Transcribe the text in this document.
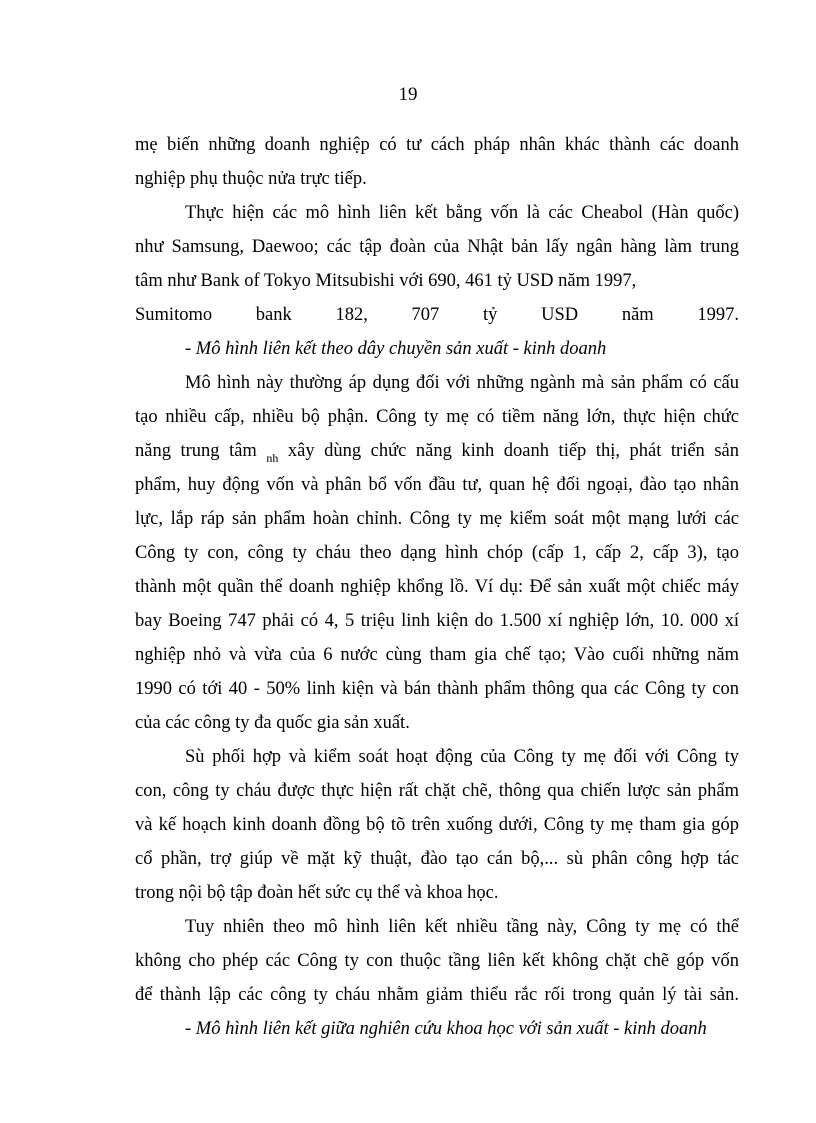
19
mẹ biến những doanh nghiệp có tư cách pháp nhân khác thành các doanh
nghiệp phụ thuộc nửa trực tiếp.
Thực hiện các mô hình liên kết bằng vốn là các Cheabol (Hàn quốc)
như Samsung, Daewoo; các tập đoàn của Nhật bản lấy ngân hàng làm trung
tâm như Bank of Tokyo Mitsubishi với 690, 461 tỷ USD năm 1997,
Sumitomo bank 182, 707 tỷ USD năm 1997.
- Mô hình liên kết theo dây chuyền sản xuất - kinh doanh
Mô hình này thường áp dụng đối với những ngành mà sản phẩm có cấu
tạo nhiều cấp, nhiều bộ phận. Công ty mẹ có tiềm năng lớn, thực hiện chức
năng trung tâm $_{nh}$ xây dùng chức năng kinh doanh tiếp thị, phát triển sản
phẩm, huy động vốn và phân bổ vốn đầu tư, quan hệ đối ngoại, đào tạo nhân
lực, lắp ráp sản phẩm hoàn chỉnh. Công ty mẹ kiểm soát một mạng lưới các
Công ty con, công ty cháu theo dạng hình chóp (cấp 1, cấp 2, cấp 3), tạo
thành một quần thể doanh nghiệp khổng lồ. Ví dụ: Để sản xuất một chiếc máy
bay Boeing 747 phải có 4, 5 triệu linh kiện do 1.500 xí nghiệp lớn, 10. 000 xí
nghiệp nhỏ và vừa của 6 nước cùng tham gia chế tạo; Vào cuối những năm
1990 có tới 40 - 50% linh kiện và bán thành phẩm thông qua các Công ty con
của các công ty đa quốc gia sản xuất.
Sù phối hợp và kiểm soát hoạt động của Công ty mẹ đối với Công ty
con, công ty cháu được thực hiện rất chặt chẽ, thông qua chiến lược sản phẩm
và kế hoạch kinh doanh đồng bộ tõ trên xuống dưới, Công ty mẹ tham gia góp
cổ phần, trợ giúp về mặt kỹ thuật, đào tạo cán bộ,... sù phân công hợp tác
trong nội bộ tập đoàn hết sức cụ thể và khoa học.
Tuy nhiên theo mô hình liên kết nhiều tầng này, Công ty mẹ có thể
không cho phép các Công ty con thuộc tầng liên kết không chặt chẽ góp vốn
để thành lập các công ty cháu nhằm giảm thiểu rắc rối trong quản lý tài sản.
- Mô hình liên kết giữa nghiên cứu khoa học với sản xuất - kinh doanh
